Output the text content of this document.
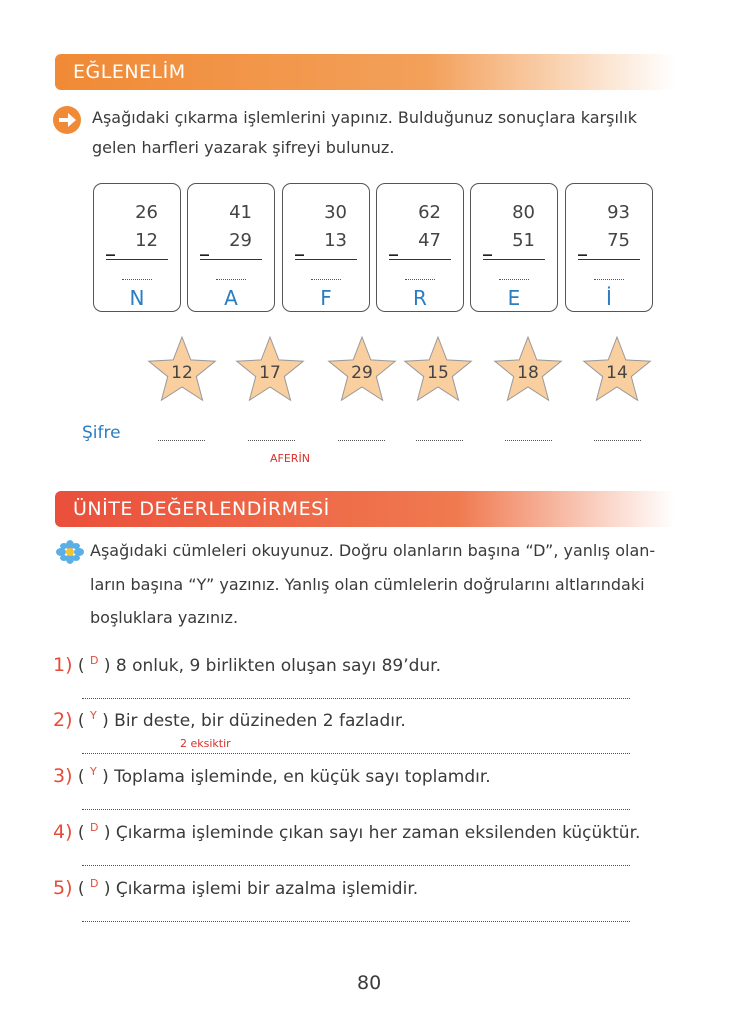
EĞLENELİM
Aşağıdaki çıkarma işlemlerini yapınız. Bulduğunuz sonuçlara karşılık
gelen harfleri yazarak şifreyi bulunuz.
26
_ 12
N
41
_ 29
A
30
_ 13
F
62
_ 47
R
80
_ 51
E
93
_ 75
İ
12	17	29	15	18	14
Şifre
AFERİN
ÜNİTE DEĞERLENDİRMESİ
Aşağıdaki cümleleri okuyunuz. Doğru olanların başına “D”, yanlış olan-
ların başına “Y” yazınız. Yanlış olan cümlelerin doğrularını altlarındaki
boşluklara yazınız.
1) ( $^D$ ) 8 onluk, 9 birlikten oluşan sayı 89’dur.
2) ( $^Y$ ) Bir deste, bir düzineden 2 fazladır.
3) ( $^Y$ ) Toplama işleminde, en küçük sayı toplamdır.
4) ( $^D$ ) Çıkarma işleminde çıkan sayı her zaman eksilenden küçüktür.
5) ( $^D$ ) Çıkarma işlemi bir azalma işlemidir.
2 eksiktir
80
